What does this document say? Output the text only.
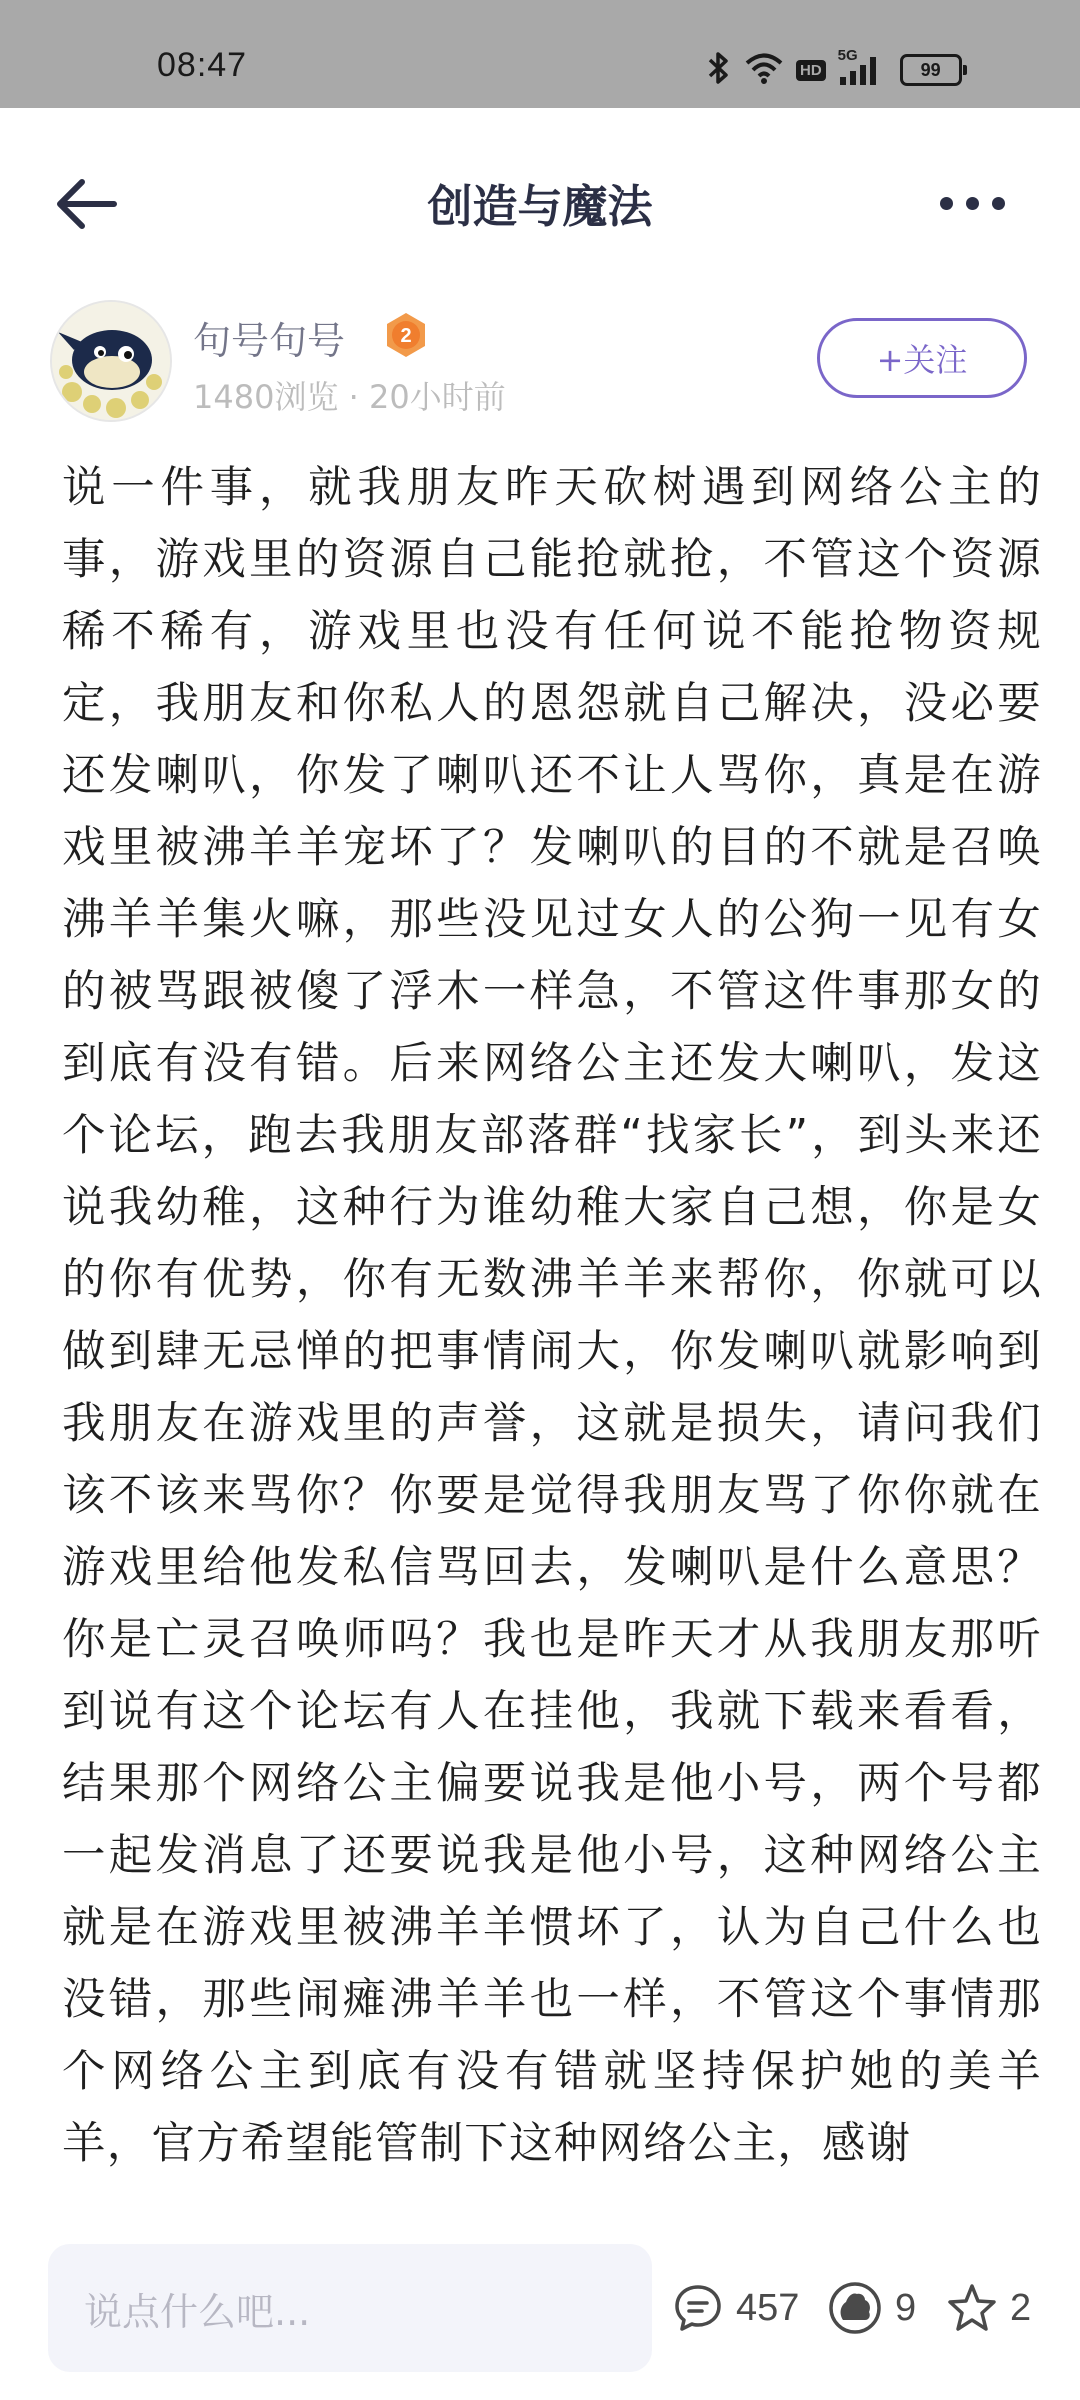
08:47	HD
5G
99
创造与魔法
句号句号	2
1480浏览 · 20小时前
+关注
说一件事，就我朋友昨天砍树遇到网络公主的事，游戏里的资源自己能抢就抢，不管这个资源稀不稀有，游戏里也没有任何说不能抢物资规定，我朋友和你私人的恩怨就自己解决，没必要还发喇叭，你发了喇叭还不让人骂你，真是在游戏里被沸羊羊宠坏了？发喇叭的目的不就是召唤沸羊羊集火嘛，那些没见过女人的公狗一见有女的被骂跟被傻了浮木一样急，不管这件事那女的到底有没有错。后来网络公主还发大喇叭，发这个论坛，跑去我朋友部落群“找家长”，到头来还说我幼稚，这种行为谁幼稚大家自己想，你是女的你有优势，你有无数沸羊羊来帮你，你就可以做到肆无忌惮的把事情闹大，你发喇叭就影响到我朋友在游戏里的声誉，这就是损失，请问我们该不该来骂你？你要是觉得我朋友骂了你你就在游戏里给他发私信骂回去，发喇叭是什么意思？你是亡灵召唤师吗？我也是昨天才从我朋友那听到说有这个论坛有人在挂他，我就下载来看看，结果那个网络公主偏要说我是他小号，两个号都一起发消息了还要说我是他小号，这种网络公主就是在游戏里被沸羊羊惯坏了，认为自己什么也没错，那些闹瘫沸羊羊也一样，不管这个事情那个网络公主到底有没有错就坚持保护她的美羊羊，官方希望能管制下这种网络公主，感谢
说点什么吧...	457	9 2
